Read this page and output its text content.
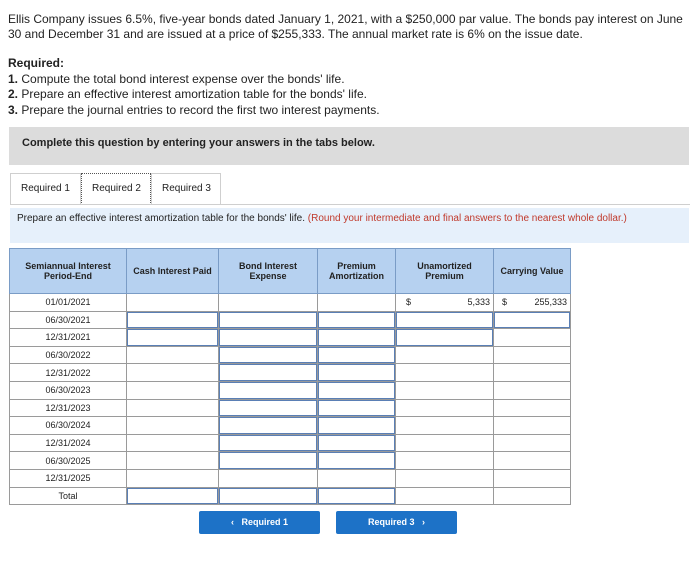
Ellis Company issues 6.5%, five-year bonds dated January 1, 2021, with a $250,000 par value. The bonds pay interest on June 30 and December 31 and are issued at a price of $255,333. The annual market rate is 6% on the issue date.

Required:
1. Compute the total bond interest expense over the bonds' life.
2. Prepare an effective interest amortization table for the bonds' life.
3. Prepare the journal entries to record the first two interest payments.
Complete this question by entering your answers in the tabs below.
Required 1	Required 2	Required 3
Prepare an effective interest amortization table for the bonds' life. (Round your intermediate and final answers to the nearest whole dollar.)
Semiannual Interest Period-End	Cash Interest Paid	Bond Interest Expense	Premium Amortization	Unamortized Premium	Carrying Value
01/01/2021				$ 5,333	$ 255,333

06/30/2021					
12/31/2021					
06/30/2022					
12/31/2022					
06/30/2023					
12/31/2023					
06/30/2024					
12/31/2024					
06/30/2025					
12/31/2025					
Total					
‹ Required 1	Required 3 ›
